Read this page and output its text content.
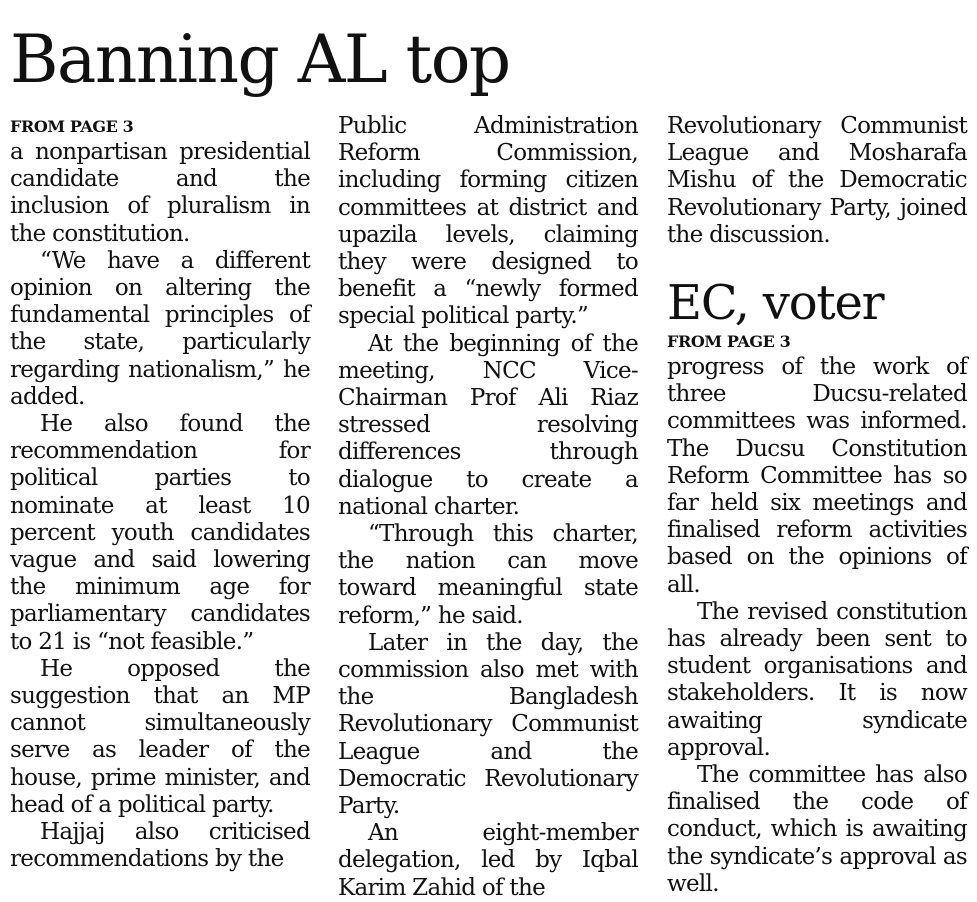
Banning AL top
FROM PAGE 3

a nonpartisan presidential candidate and the inclusion of pluralism in the constitution.

“We have a different opinion on altering the fundamental principles of the state, particularly regarding nationalism,” he added.

He also found the recommendation for political parties to nominate at least 10 percent youth candidates vague and said lowering the minimum age for parliamentary candidates to 21 is “not feasible.”

He opposed the suggestion that an MP cannot simultaneously serve as leader of the house, prime minister, and head of a political party.

Hajjaj also criticised recommendations by the

Public Administration Reform Commission, including forming citizen committees at district and upazila levels, claiming they were designed to benefit a “newly formed special political party.”

At the beginning of the meeting, NCC Vice-Chairman Prof Ali Riaz stressed resolving differences through dialogue to create a national charter.

“Through this charter, the nation can move toward meaningful state reform,” he said.

Later in the day, the commission also met with the Bangladesh Revolutionary Communist League and the Democratic Revolutionary Party.

An eight-member delegation, led by Iqbal Karim Zahid of the

Revolutionary Communist League and Mosharafa Mishu of the Democratic Revolutionary Party, joined the discussion.

EC, voter
FROM PAGE 3

progress of the work of three Ducsu-related committees was informed. The Ducsu Constitution Reform Committee has so far held six meetings and finalised reform activities based on the opinions of all.

The revised constitution has already been sent to student organisations and stakeholders. It is now awaiting syndicate approval.

The committee has also finalised the code of conduct, which is awaiting the syndicate’s approval as well.
